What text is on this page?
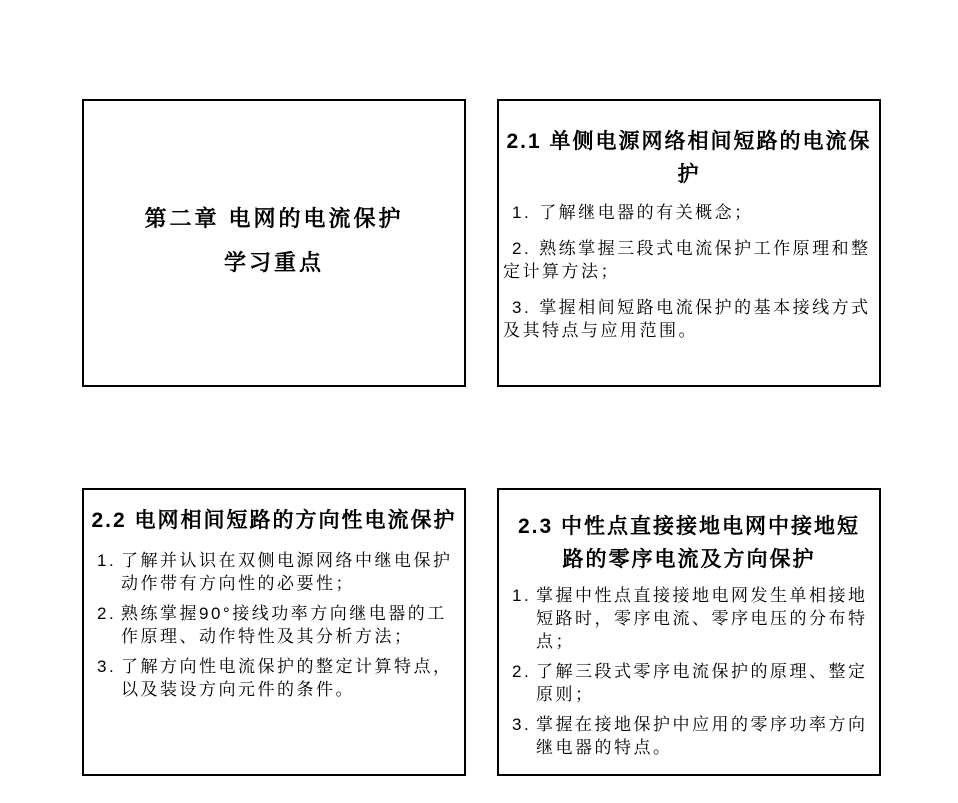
第二章 电网的电流保护
学习重点
2.1 单侧电源网络相间短路的电流保护

1. 了解继电器的有关概念；

2. 熟练掌握三段式电流保护工作原理和整定计算方法；

3. 掌握相间短路电流保护的基本接线方式及其特点与应用范围。

2.2 电网相间短路的方向性电流保护

1. 了解并认识在双侧电源网络中继电保护动作带有方向性的必要性；

2. 熟练掌握90°接线功率方向继电器的工作原理、动作特性及其分析方法；

3. 了解方向性电流保护的整定计算特点，以及装设方向元件的条件。

2.3 中性点直接接地电网中接地短路的零序电流及方向保护

1. 掌握中性点直接接地电网发生单相接地短路时，零序电流、零序电压的分布特点；

2. 了解三段式零序电流保护的原理、整定原则；

3. 掌握在接地保护中应用的零序功率方向继电器的特点。
